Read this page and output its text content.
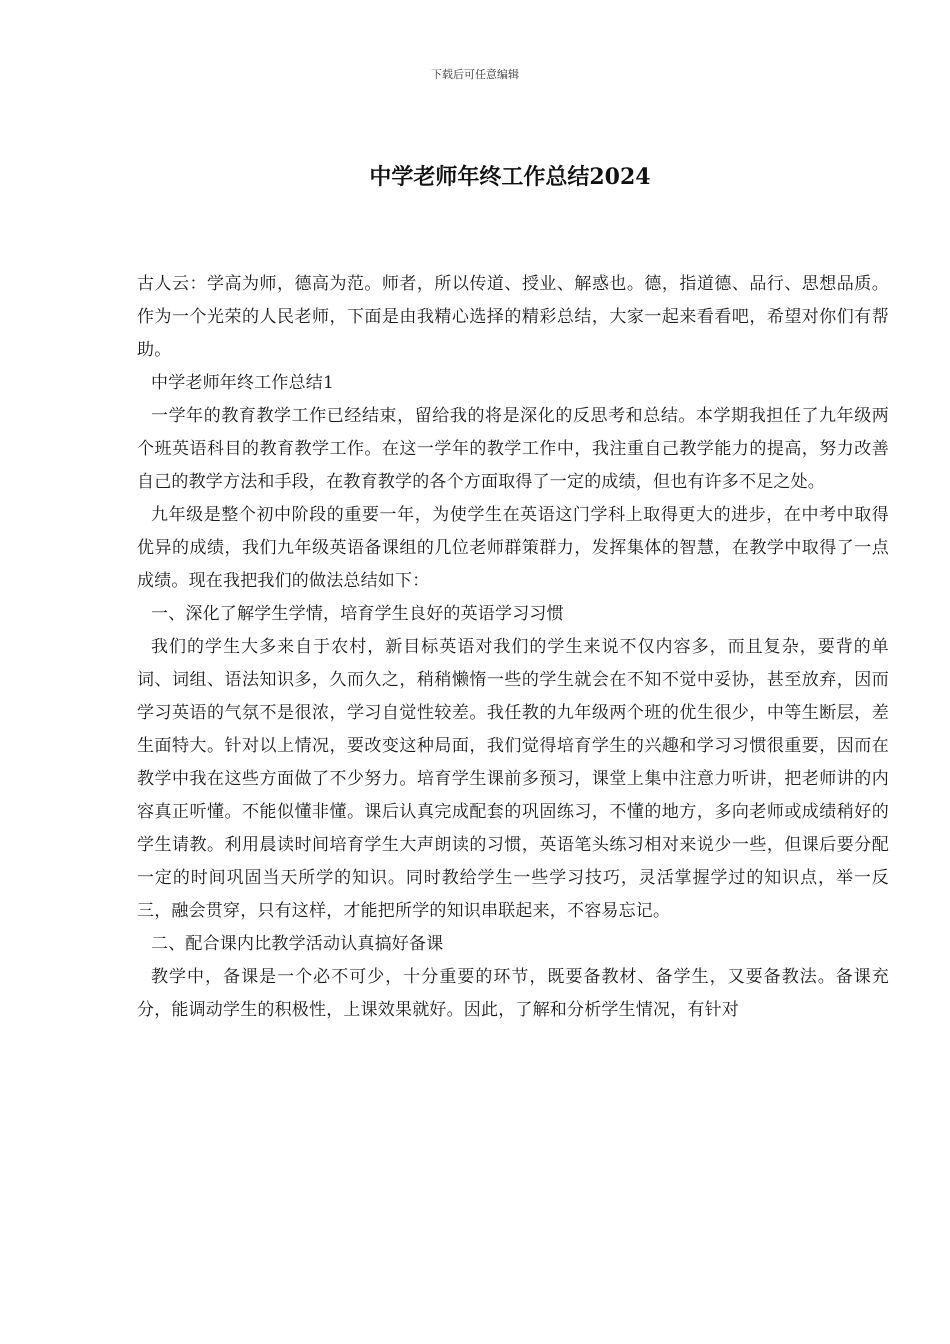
下载后可任意编辑
中学老师年终工作总结2024

古人云：学高为师，德高为范。师者，所以传道、授业、解惑也。德，指道德、品行、思想品质。作为一个光荣的人民老师，下面是由我精心选择的精彩总结，大家一起来看看吧，希望对你们有帮助。

中学老师年终工作总结1

一学年的教育教学工作已经结束，留给我的将是深化的反思考和总结。本学期我担任了九年级两个班英语科目的教育教学工作。在这一学年的教学工作中，我注重自己教学能力的提高，努力改善自己的教学方法和手段，在教育教学的各个方面取得了一定的成绩，但也有许多不足之处。

九年级是整个初中阶段的重要一年，为使学生在英语这门学科上取得更大的进步，在中考中取得优异的成绩，我们九年级英语备课组的几位老师群策群力，发挥集体的智慧，在教学中取得了一点成绩。现在我把我们的做法总结如下：

一、深化了解学生学情，培育学生良好的英语学习习惯

我们的学生大多来自于农村，新目标英语对我们的学生来说不仅内容多，而且复杂，要背的单词、词组、语法知识多，久而久之，稍稍懒惰一些的学生就会在不知不觉中妥协，甚至放弃，因而学习英语的气氛不是很浓，学习自觉性较差。我任教的九年级两个班的优生很少，中等生断层，差生面特大。针对以上情况，要改变这种局面，我们觉得培育学生的兴趣和学习习惯很重要，因而在教学中我在这些方面做了不少努力。培育学生课前多预习，课堂上集中注意力听讲，把老师讲的内容真正听懂。不能似懂非懂。课后认真完成配套的巩固练习，不懂的地方，多向老师或成绩稍好的学生请教。利用晨读时间培育学生大声朗读的习惯，英语笔头练习相对来说少一些，但课后要分配一定的时间巩固当天所学的知识。同时教给学生一些学习技巧，灵活掌握学过的知识点，举一反三，融会贯穿，只有这样，才能把所学的知识串联起来，不容易忘记。

二、配合课内比教学活动认真搞好备课

教学中，备课是一个必不可少，十分重要的环节，既要备教材、备学生，又要备教法。备课充分，能调动学生的积极性，上课效果就好。因此，了解和分析学生情况，有针对
